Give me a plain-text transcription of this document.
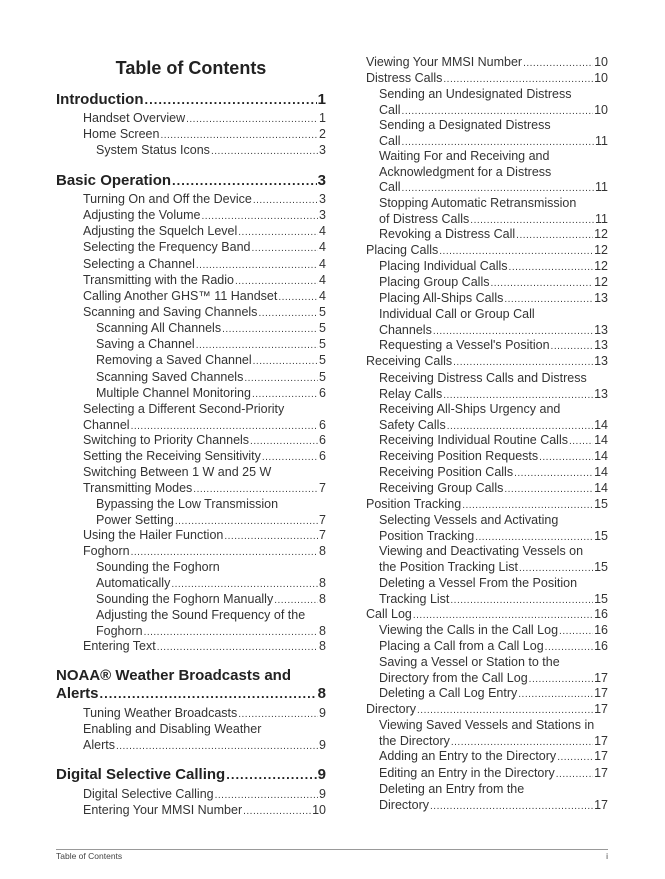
Table of Contents
Introduction .....	1
Handset Overview .....	1
Home Screen .....	2
System Status Icons .....	3
Basic Operation .....	3
Turning On and Off the Device .....	3
Adjusting the Volume .....	3
Adjusting the Squelch Level .....	4
Selecting the Frequency Band .....	4
Selecting a Channel .....	4
Transmitting with the Radio .....	4
Calling Another GHS™ 11 Handset .....	4
Scanning and Saving Channels .....	5
Scanning All Channels .....	5
Saving a Channel .....	5
Removing a Saved Channel .....	5
Scanning Saved Channels .....	5
Multiple Channel Monitoring .....	6
Selecting a Different Second-Priority
Channel .....	6
Switching to Priority Channels .....	6
Setting the Receiving Sensitivity .....	6
Switching Between 1 W and 25 W
Transmitting Modes .....	7
Bypassing the Low Transmission
Power Setting .....	7
Using the Hailer Function .....	7
Foghorn .....	8
Sounding the Foghorn
Automatically .....	8
Sounding the Foghorn Manually .....	8
Adjusting the Sound Frequency of the
Foghorn .....	8
Entering Text .....	8
NOAA® Weather Broadcasts and
Alerts .....	8
Tuning Weather Broadcasts .....	9
Enabling and Disabling Weather
Alerts .....	9
Digital Selective Calling .....	9
Digital Selective Calling .....	9
Entering Your MMSI Number .....	10
Viewing Your MMSI Number .....	10
Distress Calls .....	10
Sending an Undesignated Distress
Call .....	10
Sending a Designated Distress
Call .....	11
Waiting For and Receiving and
Acknowledgment for a Distress
Call .....	11
Stopping Automatic Retransmission
of Distress Calls .....	11
Revoking a Distress Call .....	12
Placing Calls .....	12
Placing Individual Calls .....	12
Placing Group Calls .....	12
Placing All-Ships Calls .....	13
Individual Call or Group Call
Channels .....	13
Requesting a Vessel's Position .....	13
Receiving Calls .....	13
Receiving Distress Calls and Distress
Relay Calls .....	13
Receiving All-Ships Urgency and
Safety Calls .....	14
Receiving Individual Routine Calls ..... 14
Receiving Position Requests .....	14
Receiving Position Calls .....	14
Receiving Group Calls .....	14
Position Tracking .....	15
Selecting Vessels and Activating
Position Tracking .....	15
Viewing and Deactivating Vessels on
the Position Tracking List .....	15
Deleting a Vessel From the Position
Tracking List .....	15
Call Log .....	16
Viewing the Calls in the Call Log .....	16
Placing a Call from a Call Log .....	16
Saving a Vessel or Station to the
Directory from the Call Log .....	17
Deleting a Call Log Entry .....	17
Directory .....	17
Viewing Saved Vessels and Stations in
the Directory .....	17
Adding an Entry to the Directory .....	17
Editing an Entry in the Directory .....	17
Deleting an Entry from the
Directory .....	17
Table of Contents	i
